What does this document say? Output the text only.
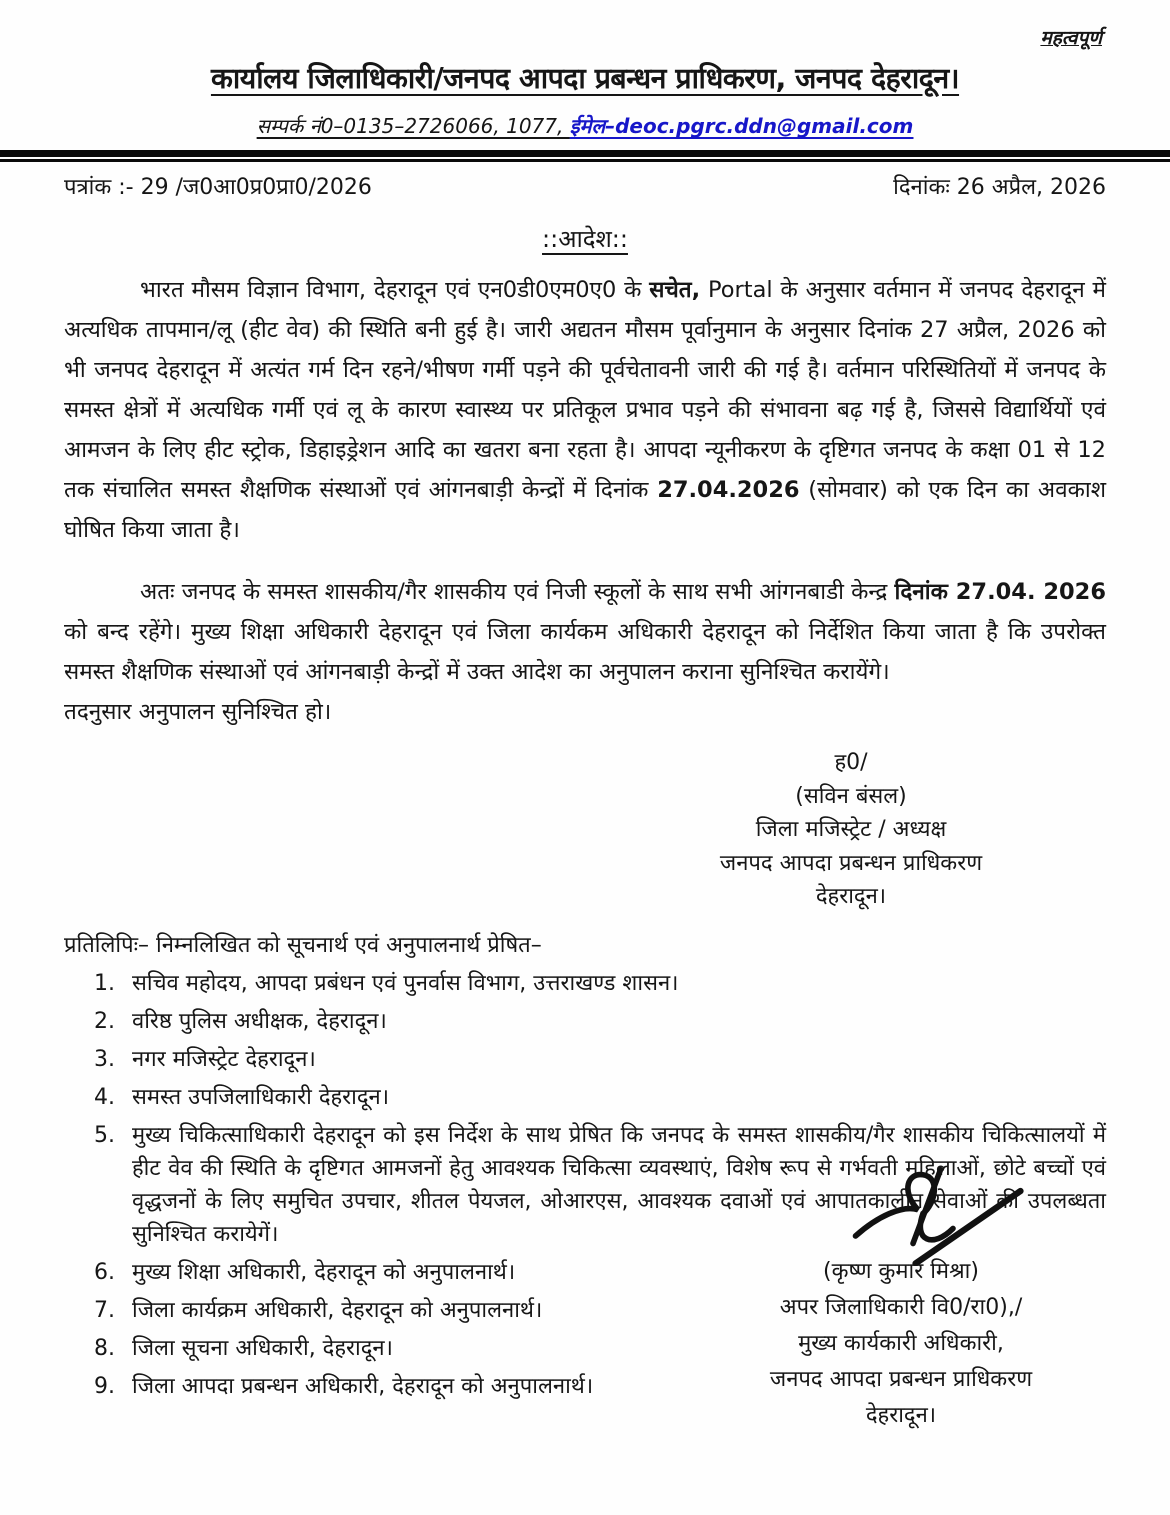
महत्वपूर्ण
कार्यालय जिलाधिकारी/जनपद आपदा प्रबन्धन प्राधिकरण, जनपद देहरादून।
सम्पर्क नं0–0135–2726066, 1077, ईमेल–deoc.pgrc.ddn@gmail.com
पत्रांक :- 29 /ज0आ0प्र0प्रा0/2026	दिनांकः 26 अप्रैल, 2026
::आदेश::

भारत मौसम विज्ञान विभाग, देहरादून एवं एन0डी0एम0ए0 के सचेत, Portal के अनुसार वर्तमान में जनपद देहरादून में अत्यधिक तापमान/लू (हीट वेव) की स्थिति बनी हुई है। जारी अद्यतन मौसम पूर्वानुमान के अनुसार दिनांक 27 अप्रैल, 2026 को भी जनपद देहरादून में अत्यंत गर्म दिन रहने/भीषण गर्मी पड़ने की पूर्वचेतावनी जारी की गई है। वर्तमान परिस्थितियों में जनपद के समस्त क्षेत्रों में अत्यधिक गर्मी एवं लू के कारण स्वास्थ्य पर प्रतिकूल प्रभाव पड़ने की संभावना बढ़ गई है, जिससे विद्यार्थियों एवं आमजन के लिए हीट स्ट्रोक, डिहाइड्रेशन आदि का खतरा बना रहता है। आपदा न्यूनीकरण के दृष्टिगत जनपद के कक्षा 01 से 12 तक संचालित समस्त शैक्षणिक संस्थाओं एवं आंगनबाड़ी केन्द्रों में दिनांक 27.04.2026 (सोमवार) को एक दिन का अवकाश घोषित किया जाता है।

अतः जनपद के समस्त शासकीय/गैर शासकीय एवं निजी स्कूलों के साथ सभी आंगनबाडी केन्द्र दिनांक 27.04. 2026 को बन्द रहेंगे। मुख्य शिक्षा अधिकारी देहरादून एवं जिला कार्यकम अधिकारी देहरादून को निर्देशित किया जाता है कि उपरोक्त समस्त शैक्षणिक संस्थाओं एवं आंगनबाड़ी केन्द्रों में उक्त आदेश का अनुपालन कराना सुनिश्चित करायेंगे।

तदनुसार अनुपालन सुनिश्चित हो।

ह0/
(सविन बंसल)
जिला मजिस्ट्रेट / अध्यक्ष
जनपद आपदा प्रबन्धन प्राधिकरण
देहरादून।
प्रतिलिपिः– निम्नलिखित को सूचनार्थ एवं अनुपालनार्थ प्रेषित–
1. सचिव महोदय, आपदा प्रबंधन एवं पुनर्वास विभाग, उत्तराखण्ड शासन।
2. वरिष्ठ पुलिस अधीक्षक, देहरादून।
3. नगर मजिस्ट्रेट देहरादून।
4. समस्त उपजिलाधिकारी देहरादून।
5. मुख्य चिकित्साधिकारी देहरादून को इस निर्देश के साथ प्रेषित कि जनपद के समस्त शासकीय/गैर शासकीय चिकित्सालयों में हीट वेव की स्थिति के दृष्टिगत आमजनों हेतु आवश्यक चिकित्सा व्यवस्थाएं, विशेष रूप से गर्भवती महिलाओं, छोटे बच्चों एवं वृद्धजनों के लिए समुचित उपचार, शीतल पेयजल, ओआरएस, आवश्यक दवाओं एवं आपातकालीन सेवाओं की उपलब्धता सुनिश्चित करायेगें।
6. मुख्य शिक्षा अधिकारी, देहरादून को अनुपालनार्थ।
7. जिला कार्यक्रम अधिकारी, देहरादून को अनुपालनार्थ।
8. जिला सूचना अधिकारी, देहरादून।
9. जिला आपदा प्रबन्धन अधिकारी, देहरादून को अनुपालनार्थ।
(कृष्ण कुमार मिश्रा)
अपर जिलाधिकारी वि0/रा0),/
मुख्य कार्यकारी अधिकारी,
जनपद आपदा प्रबन्धन प्राधिकरण
देहरादून।
